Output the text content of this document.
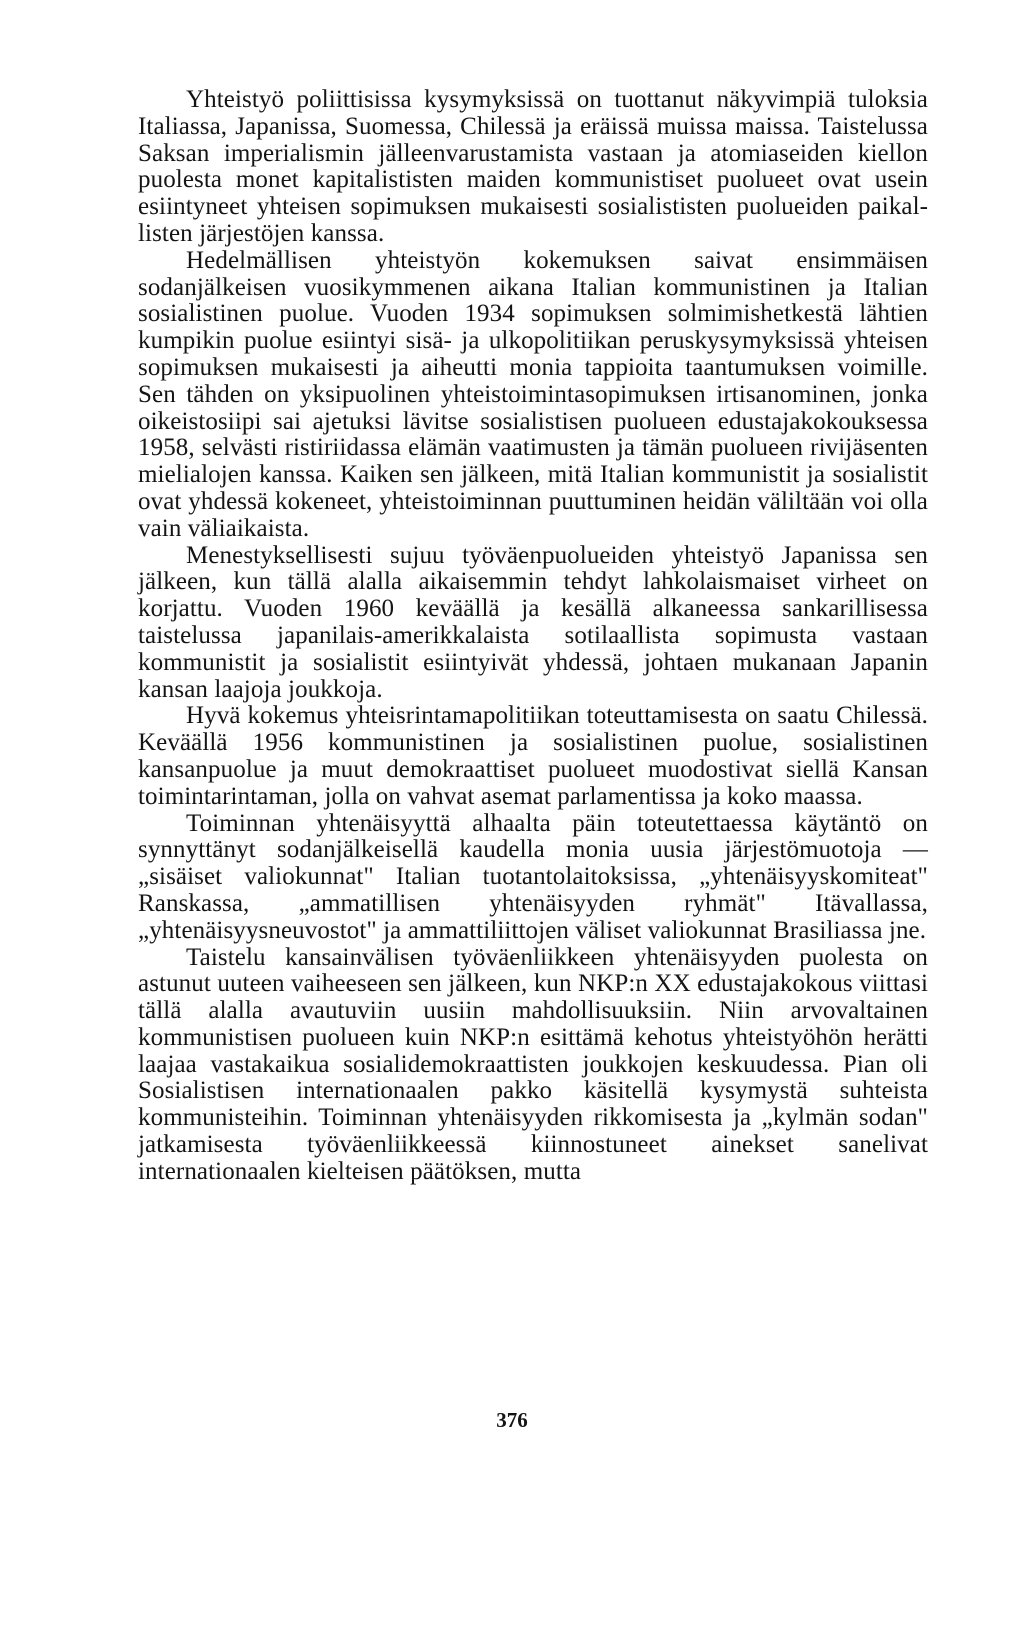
Yhteistyö poliittisissa kysymyksissä on tuottanut näkyvimpiä tuloksia Italiassa, Japanissa, Suomessa, Chilessä ja eräissä muissa maissa. Taistelussa Saksan imperialismin jälleenvarustamista vastaan ja atomiaseiden kiellon puolesta monet kapitalististen maiden kommunistiset puolueet ovat usein esiintyneet yhteisen sopimuksen mukaisesti sosialististen puolueiden paikallisten järjestöjen kanssa.

Hedelmällisen yhteistyön kokemuksen saivat ensimmäisen sodanjälkeisen vuosikymmenen aikana Italian kommunistinen ja Italian sosialistinen puolue. Vuoden 1934 sopimuksen solmimishetkestä lähtien kumpikin puolue esiintyi sisä- ja ulkopolitiikan peruskysymyksissä yhteisen sopimuksen mukaisesti ja aiheutti monia tappioita taantumuksen voimille. Sen tähden on yksipuolinen yhteistoimintasopimuksen irtisanominen, jonka oikeistosiipi sai ajetuksi lävitse sosialistisen puolueen edustajakokouksessa 1958, selvästi ristiriidassa elämän vaatimusten ja tämän puolueen rivijäsenten mielialojen kanssa. Kaiken sen jälkeen, mitä Italian kommunistit ja sosialistit ovat yhdessä kokeneet, yhteistoiminnan puuttuminen heidän väliltään voi olla vain väliaikaista.

Menestyksellisesti sujuu työväenpuolueiden yhteistyö Japanissa sen jälkeen, kun tällä alalla aikaisemmin tehdyt lahkolaismaiset virheet on korjattu. Vuoden 1960 keväällä ja kesällä alkaneessa sankarillisessa taistelussa japanilais-amerikkalaista sotilaallista sopimusta vastaan kommunistit ja sosialistit esiintyivät yhdessä, johtaen mukanaan Japanin kansan laajoja joukkoja.

Hyvä kokemus yhteisrintamapolitiikan toteuttamisesta on saatu Chilessä. Keväällä 1956 kommunistinen ja sosialistinen puolue, sosialistinen kansanpuolue ja muut demokraattiset puolueet muodostivat siellä Kansan toimintarintaman, jolla on vahvat asemat parlamentissa ja koko maassa.

Toiminnan yhtenäisyyttä alhaalta päin toteutettaessa käytäntö on synnyttänyt sodanjälkeisellä kaudella monia uusia järjestömuotoja — „sisäiset valiokunnat" Italian tuotantolaitoksissa, „yhtenäisyyskomiteat" Ranskassa, „ammatillisen yhtenäisyyden ryhmät" Itävallassa, „yhtenäisyysneuvostot" ja ammattiliittojen väliset valiokunnat Brasiliassa jne.

Taistelu kansainvälisen työväenliikkeen yhtenäisyyden puolesta on astunut uuteen vaiheeseen sen jälkeen, kun NKP:n XX edustajakokous viittasi tällä alalla avautuviin uusiin mahdollisuuksiin. Niin arvovaltainen kommunistisen puolueen kuin NKP:n esittämä kehotus yhteistyöhön herätti laajaa vastakaikua sosialidemokraattisten joukkojen keskuudessa. Pian oli Sosialistisen internationaalen pakko käsitellä kysymystä suhteista kommunisteihin. Toiminnan yhtenäisyyden rikkomisesta ja „kylmän sodan" jatkamisesta työväenliikkeessä kiinnostuneet ainekset sanelivat internationaalen kielteisen päätöksen, mutta

376
